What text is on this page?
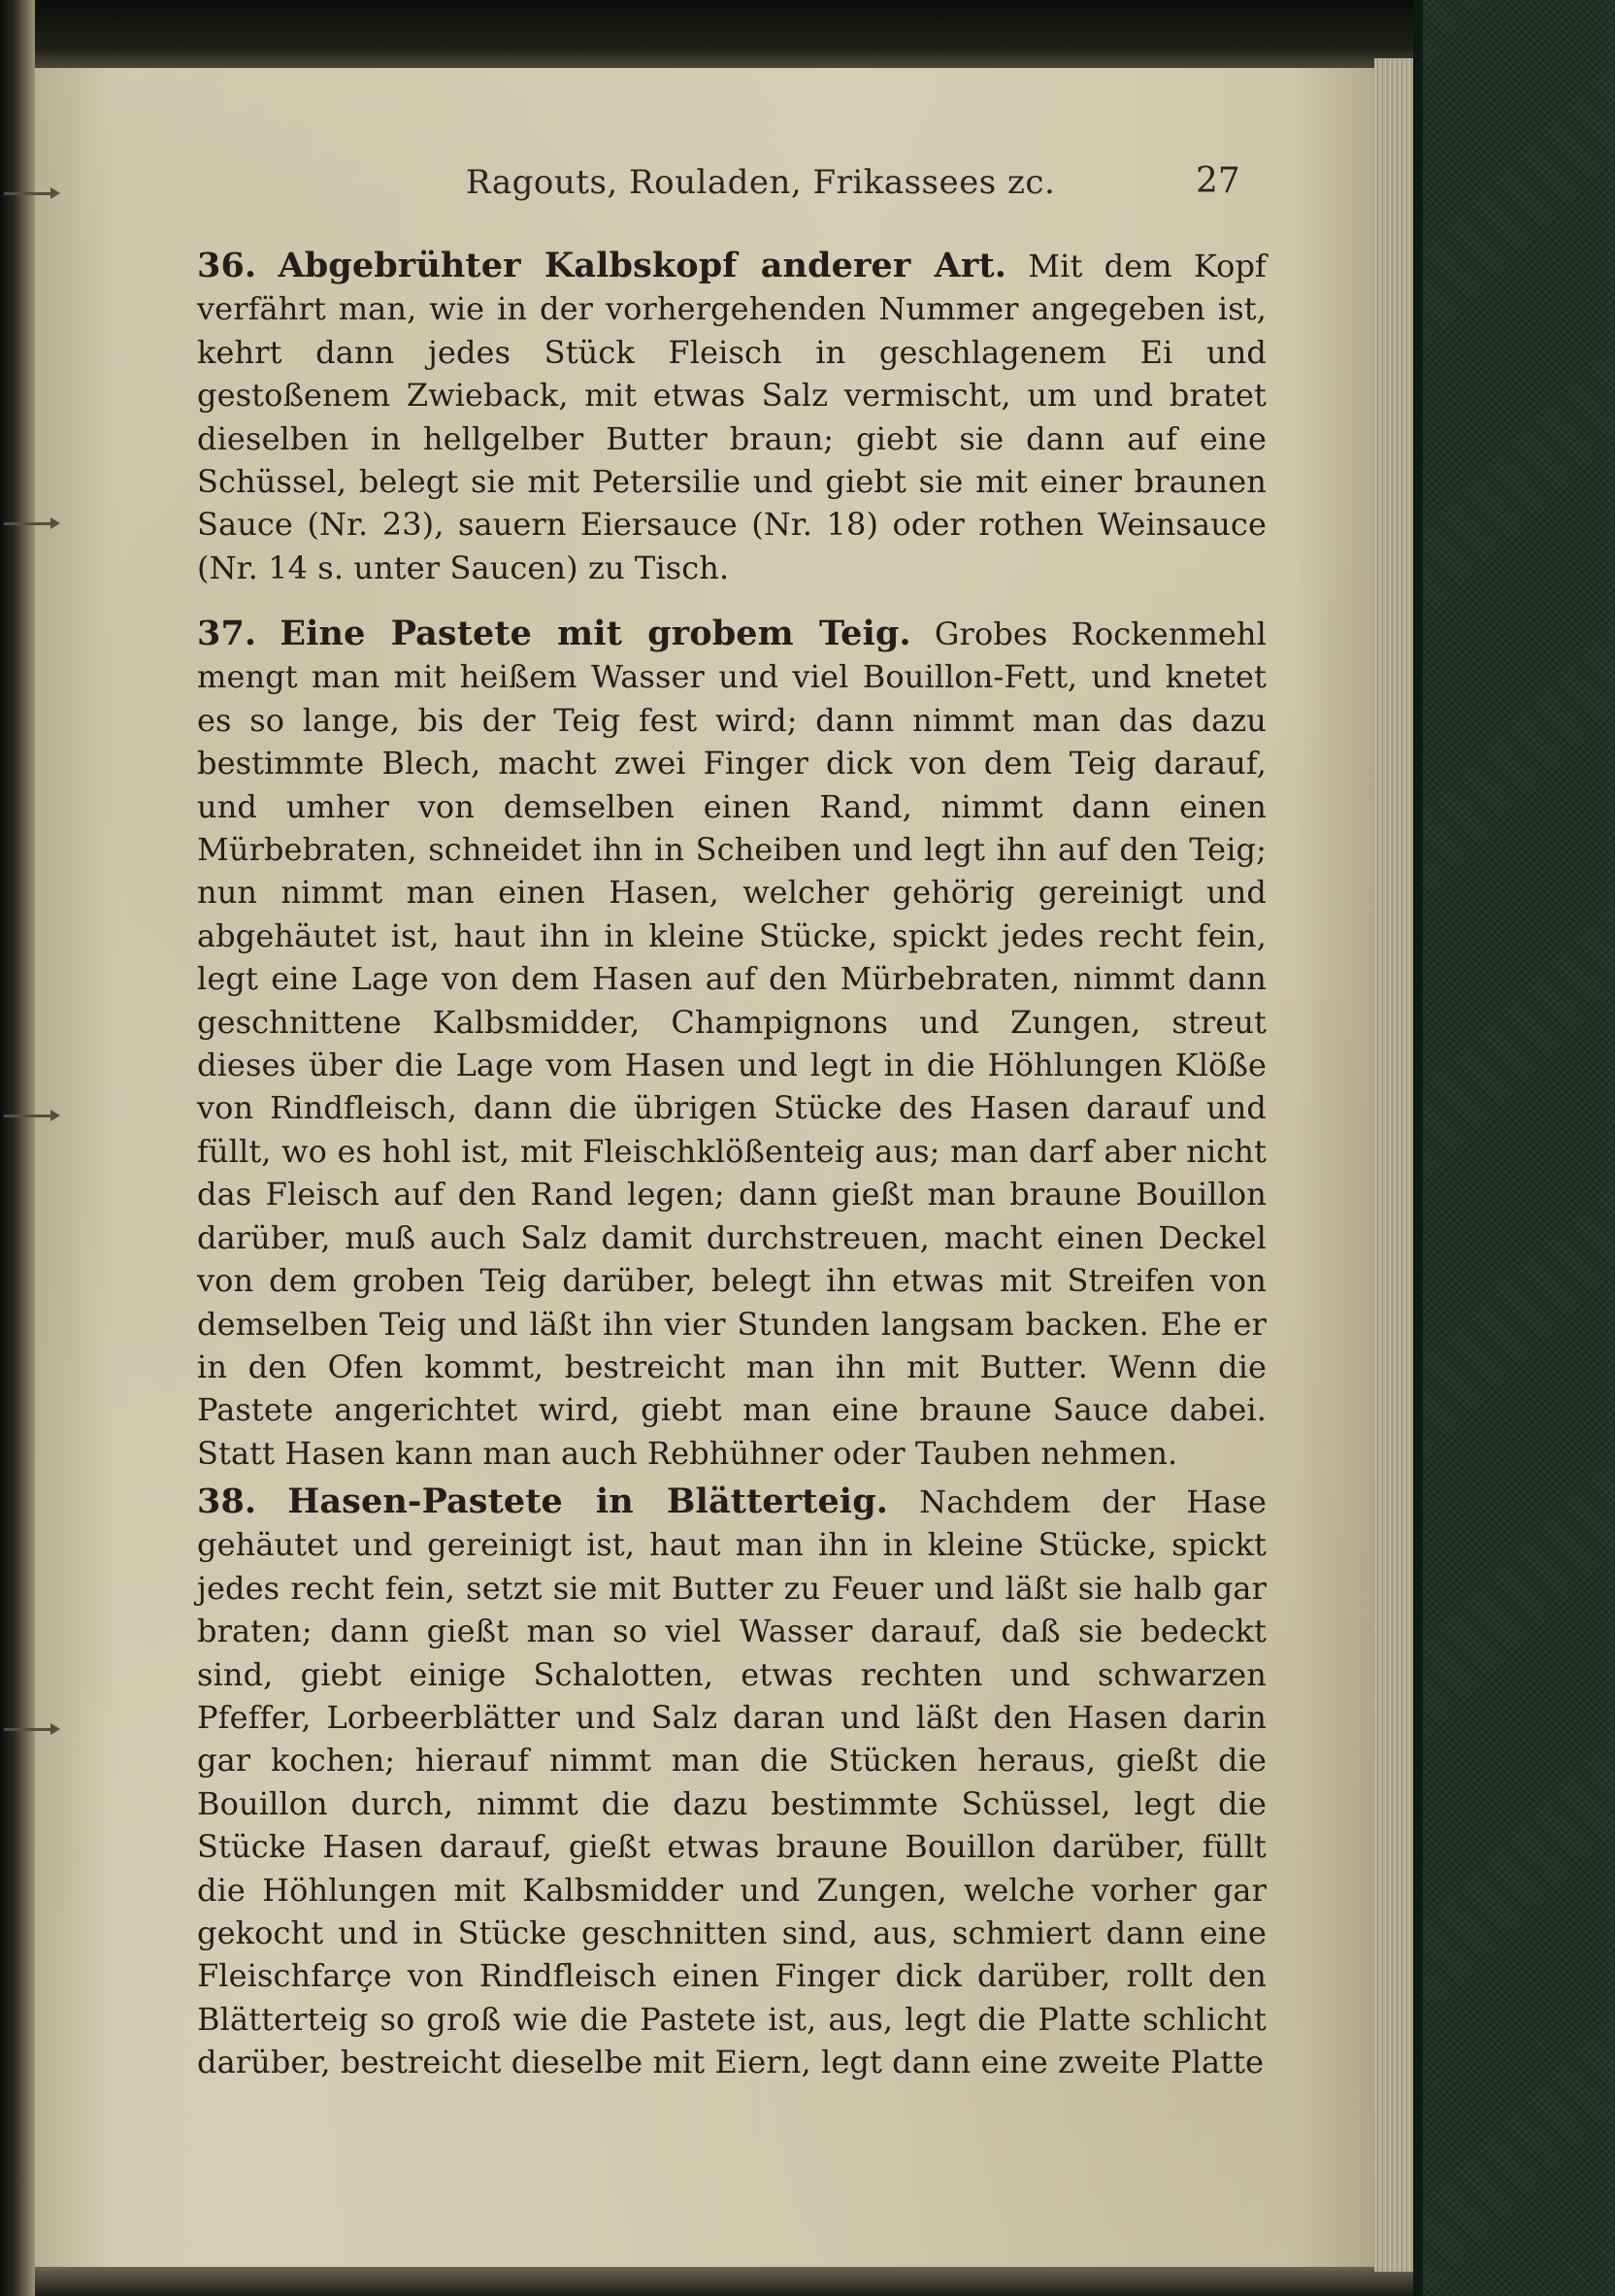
Ragouts, Rouladen, Frikassees zc.	27

36. Abgebrühter Kalbskopf anderer Art. Mit dem Kopf verfährt man, wie in der vorhergehenden Nummer angegeben ist, kehrt dann jedes Stück Fleisch in geschlagenem Ei und gestoßenem Zwieback, mit etwas Salz vermischt, um und bratet dieselben in hellgelber Butter braun; giebt sie dann auf eine Schüssel, belegt sie mit Petersilie und giebt sie mit einer braunen Sauce (Nr. 23), sauern Eiersauce (Nr. 18) oder rothen Weinsauce (Nr. 14 s. unter Saucen) zu Tisch.

37. Eine Pastete mit grobem Teig. Grobes Rockenmehl mengt man mit heißem Wasser und viel Bouillon-Fett, und knetet es so lange, bis der Teig fest wird; dann nimmt man das dazu bestimmte Blech, macht zwei Finger dick von dem Teig darauf, und umher von demselben einen Rand, nimmt dann einen Mürbebraten, schneidet ihn in Scheiben und legt ihn auf den Teig; nun nimmt man einen Hasen, welcher gehörig gereinigt und abgehäutet ist, haut ihn in kleine Stücke, spickt jedes recht fein, legt eine Lage von dem Hasen auf den Mürbebraten, nimmt dann geschnittene Kalbsmidder, Champignons und Zungen, streut dieses über die Lage vom Hasen und legt in die Höhlungen Klöße von Rindfleisch, dann die übrigen Stücke des Hasen darauf und füllt, wo es hohl ist, mit Fleischklößenteig aus; man darf aber nicht das Fleisch auf den Rand legen; dann gießt man braune Bouillon darüber, muß auch Salz damit durchstreuen, macht einen Deckel von dem groben Teig darüber, belegt ihn etwas mit Streifen von demselben Teig und läßt ihn vier Stunden langsam backen. Ehe er in den Ofen kommt, bestreicht man ihn mit Butter. Wenn die Pastete angerichtet wird, giebt man eine braune Sauce dabei. Statt Hasen kann man auch Rebhühner oder Tauben nehmen.

38. Hasen-Pastete in Blätterteig. Nachdem der Hase gehäutet und gereinigt ist, haut man ihn in kleine Stücke, spickt jedes recht fein, setzt sie mit Butter zu Feuer und läßt sie halb gar braten; dann gießt man so viel Wasser darauf, daß sie bedeckt sind, giebt einige Schalotten, etwas rechten und schwarzen Pfeffer, Lorbeerblätter und Salz daran und läßt den Hasen darin gar kochen; hierauf nimmt man die Stücken heraus, gießt die Bouillon durch, nimmt die dazu bestimmte Schüssel, legt die Stücke Hasen darauf, gießt etwas braune Bouillon darüber, füllt die Höhlungen mit Kalbsmidder und Zungen, welche vorher gar gekocht und in Stücke geschnitten sind, aus, schmiert dann eine Fleischfarçe von Rindfleisch einen Finger dick darüber, rollt den Blätterteig so groß wie die Pastete ist, aus, legt die Platte schlicht darüber, bestreicht dieselbe mit Eiern, legt dann eine zweite Platte
